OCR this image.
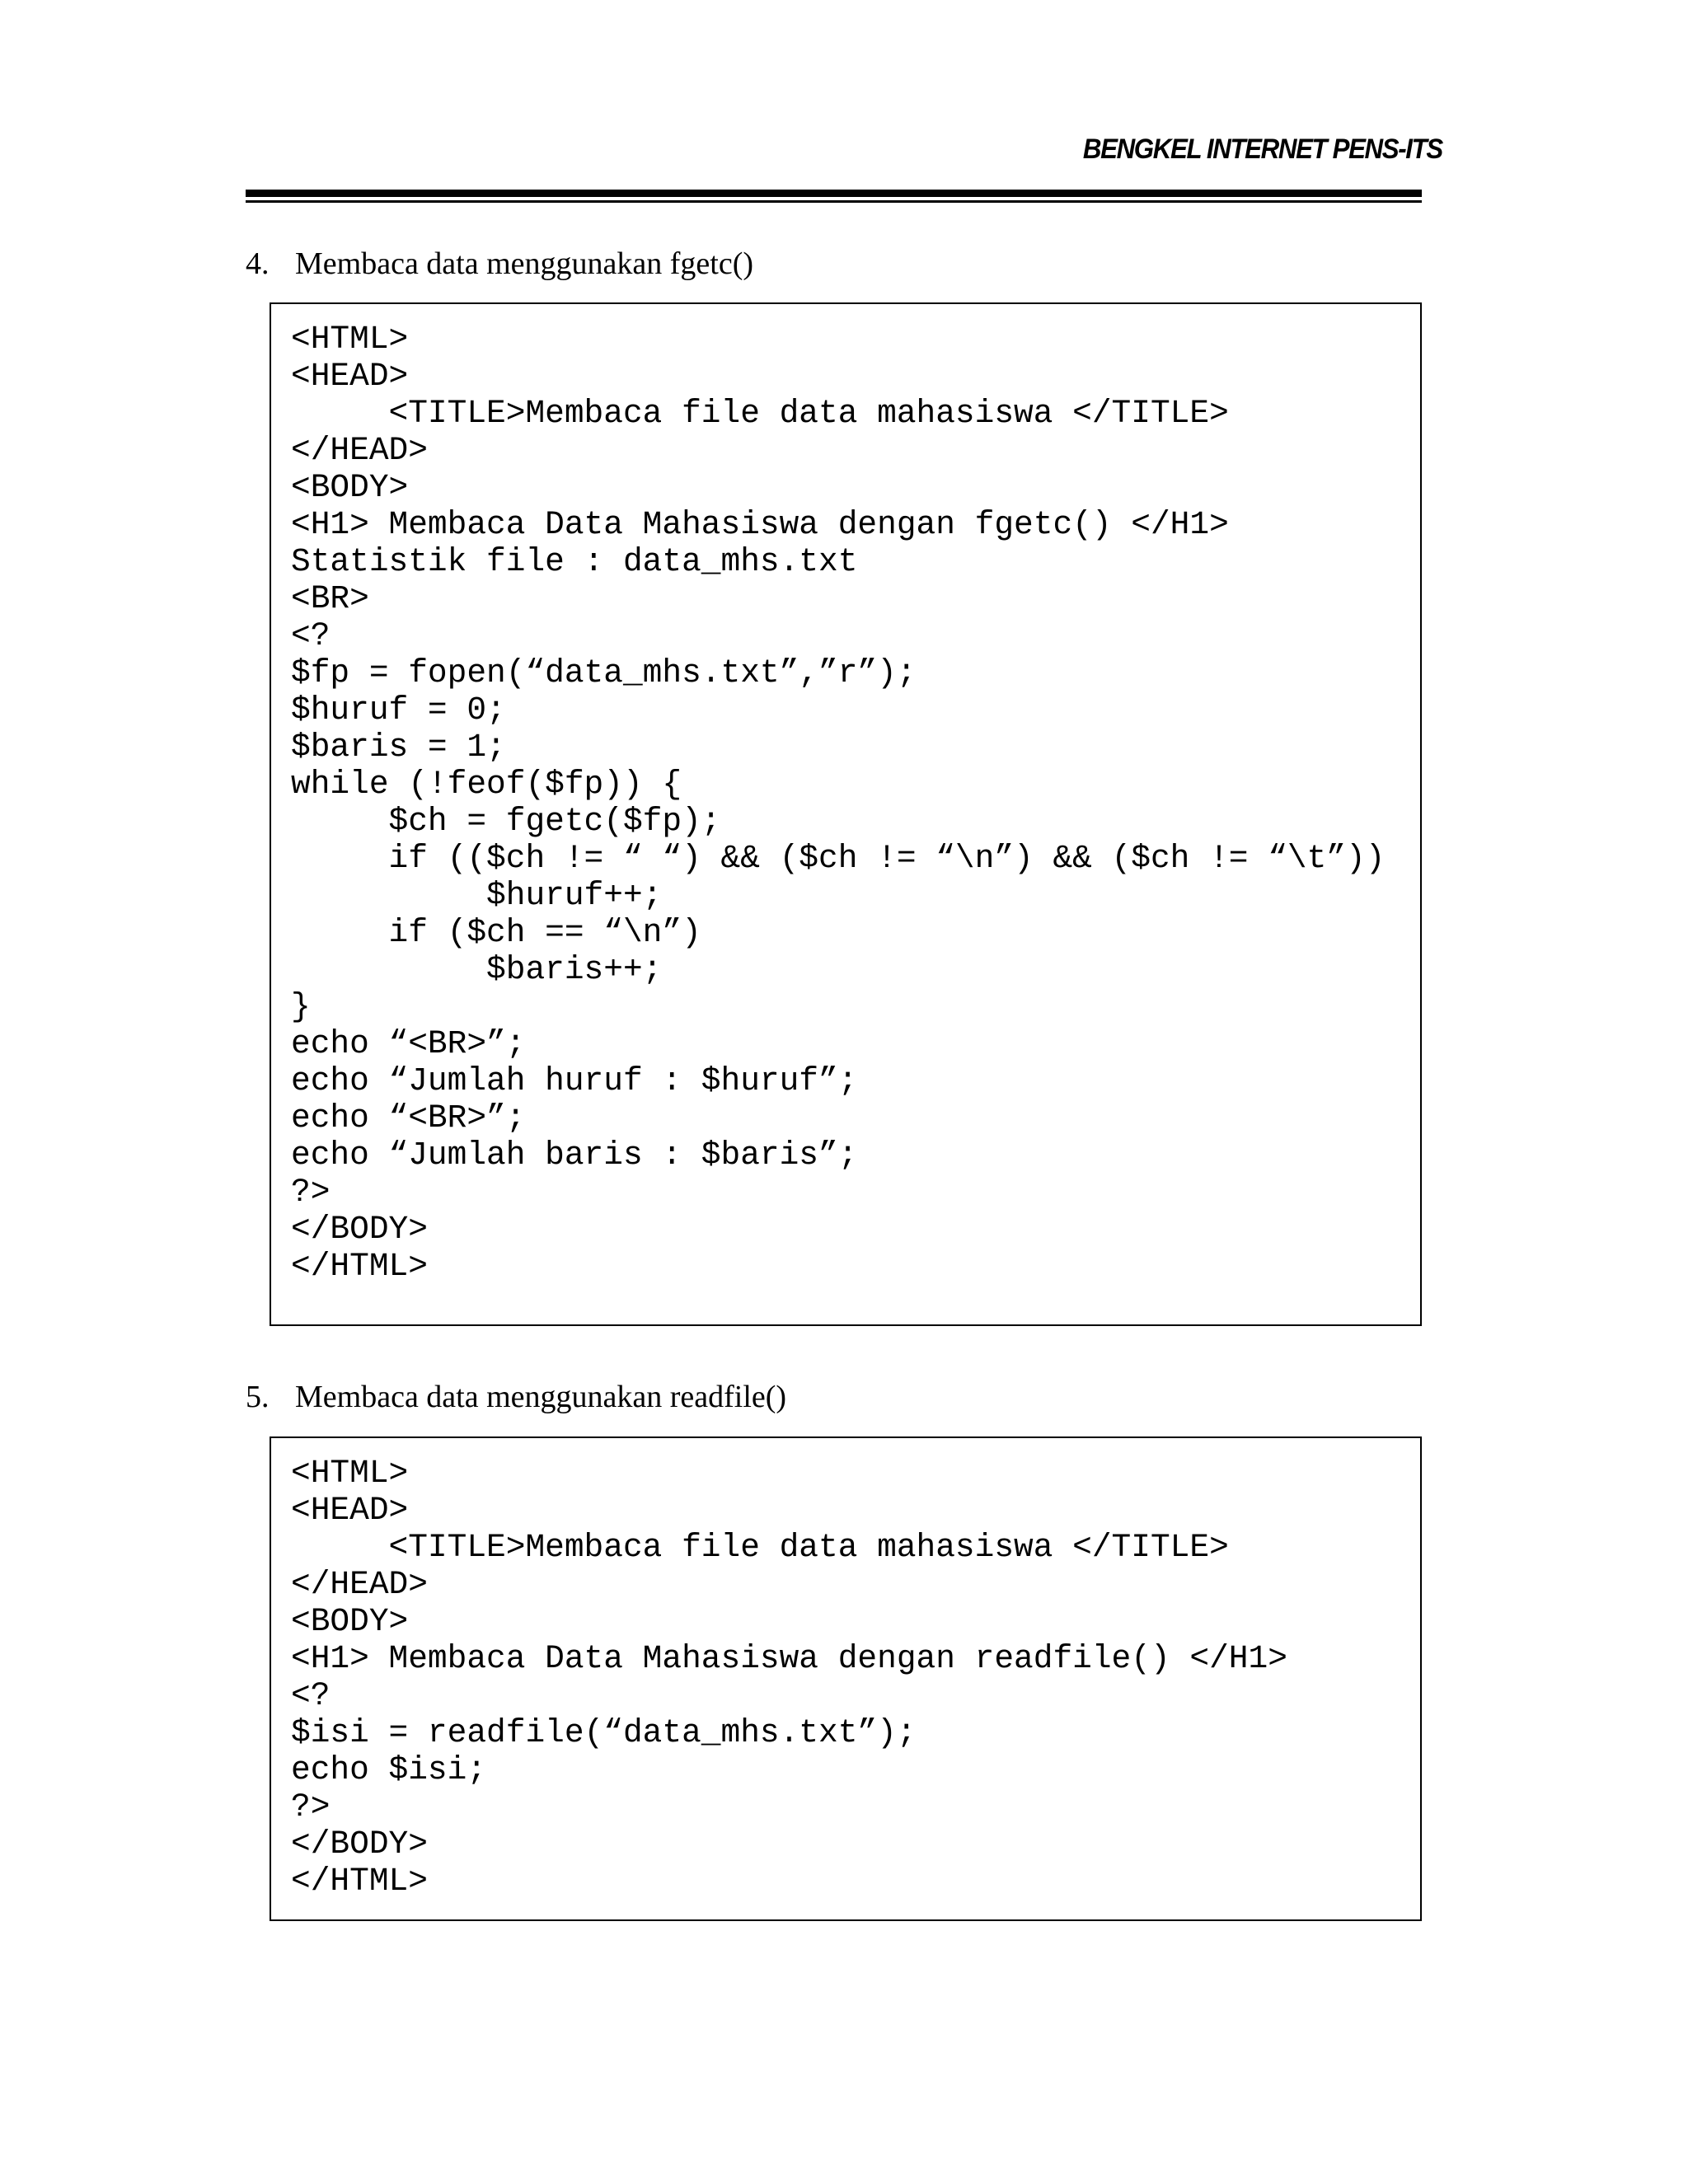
BENGKEL INTERNET PENS-ITS
4. Membaca data menggunakan fgetc()
<HTML>
<HEAD>
<TITLE>Membaca file data mahasiswa </TITLE>
</HEAD>
<BODY>
<H1> Membaca Data Mahasiswa dengan fgetc() </H1>
Statistik file : data_mhs.txt
<BR>
<?
$fp = fopen(“data_mhs.txt”,”r”);
$huruf = 0;
$baris = 1;
while (!feof($fp)) {
$ch = fgetc($fp);
if (($ch != “ “) && ($ch != “\n”) && ($ch != “\t”))
$huruf++;
if ($ch == “\n”)
$baris++;
}
echo “<BR>”;
echo “Jumlah huruf : $huruf”;
echo “<BR>”;
echo “Jumlah baris : $baris”;
?>
</BODY>
</HTML>
5. Membaca data menggunakan readfile()
<HTML>
<HEAD>
<TITLE>Membaca file data mahasiswa </TITLE>
</HEAD>
<BODY>
<H1> Membaca Data Mahasiswa dengan readfile() </H1>
<?
$isi = readfile(“data_mhs.txt”);
echo $isi;
?>
</BODY>
</HTML>
